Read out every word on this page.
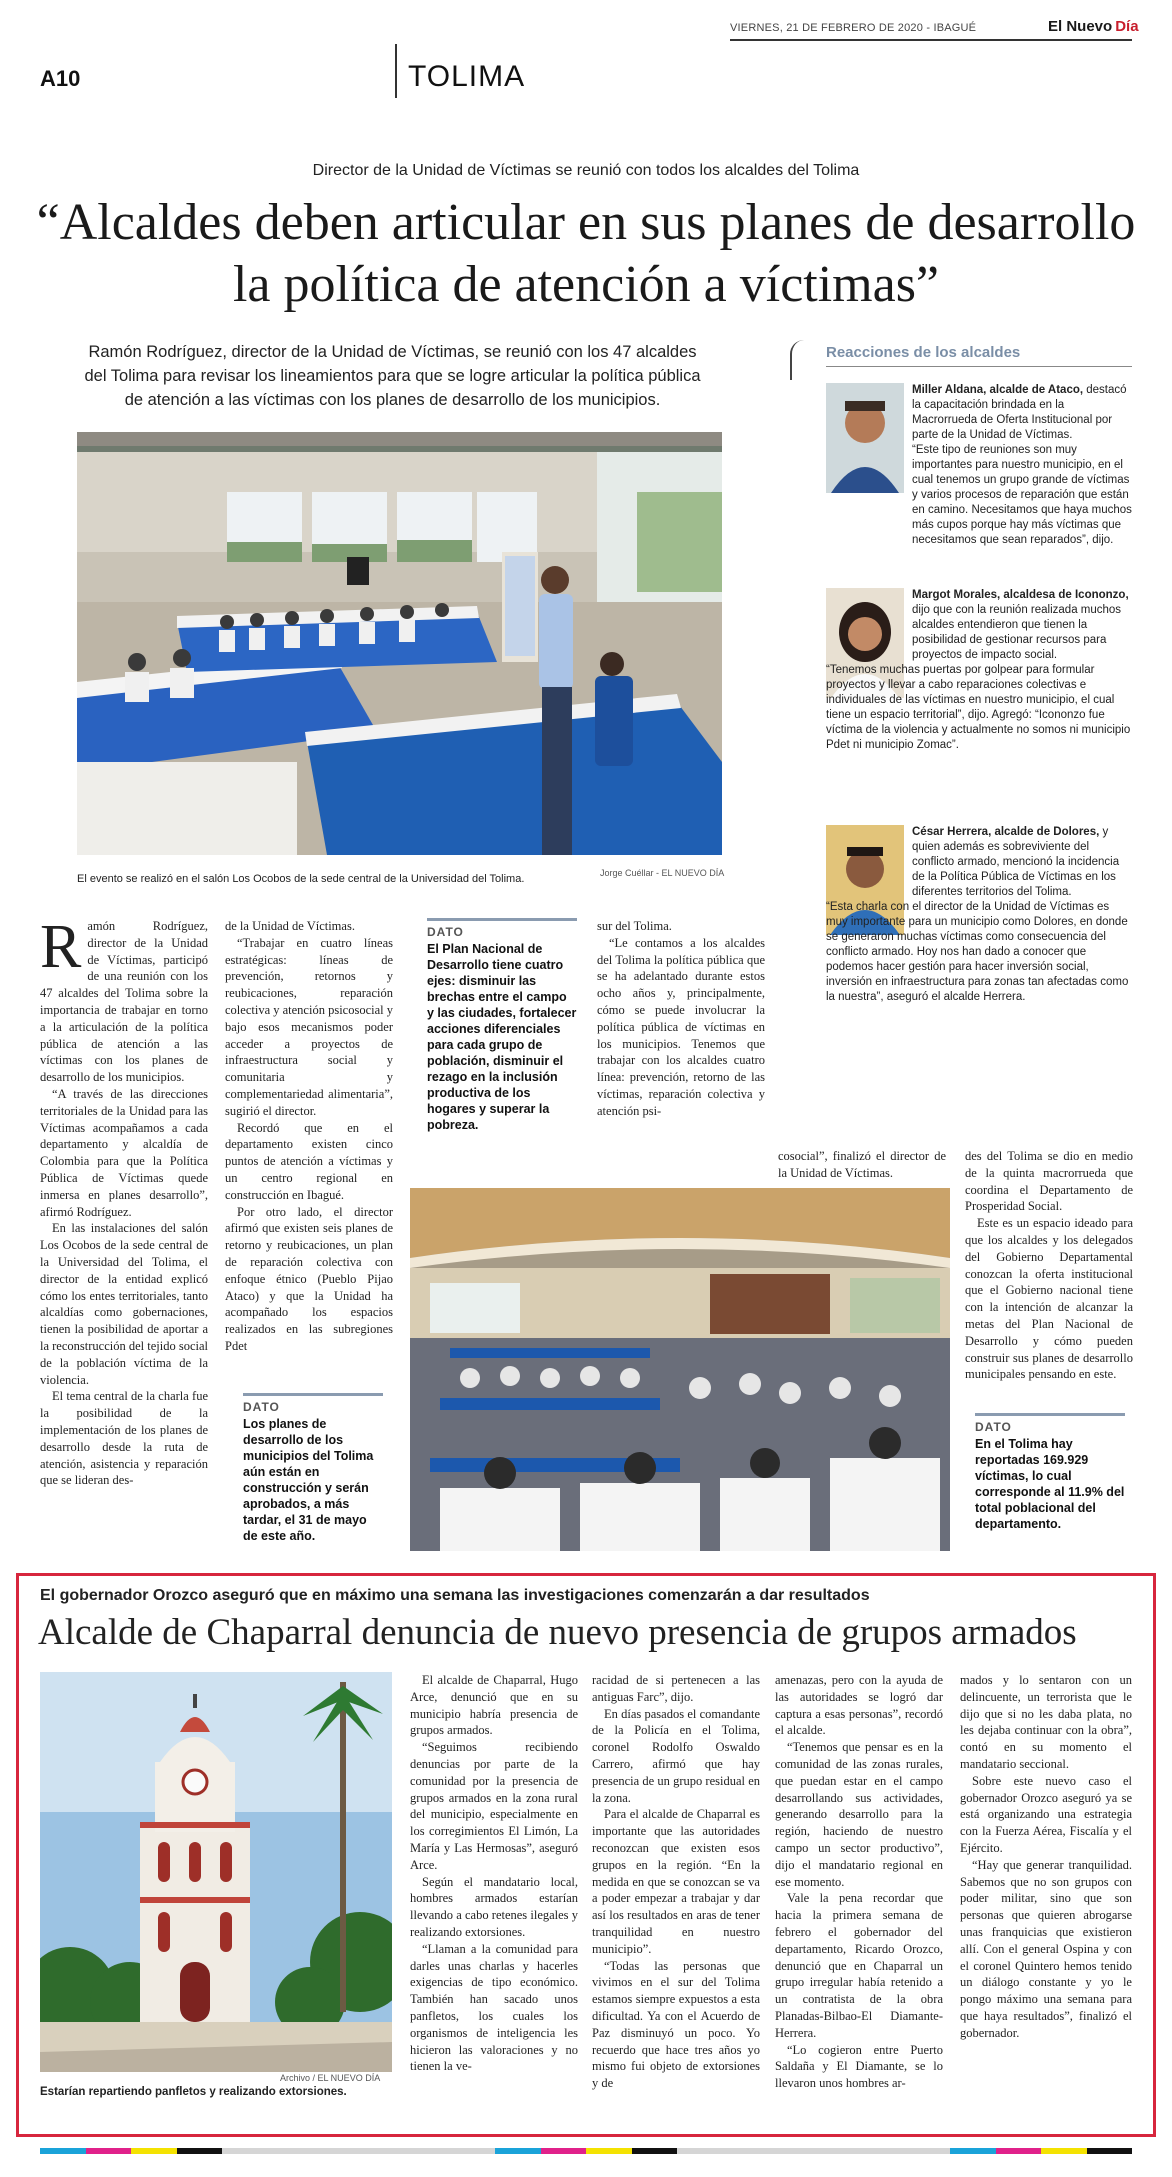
VIERNES, 21 DE FEBRERO DE 2020 - IBAGUÉ	El Nuevo Día
A10	TOLIMA
Director de la Unidad de Víctimas se reunió con todos los alcaldes del Tolima
“Alcaldes deben articular en sus planes de desarrollo la política de atención a víctimas”
Ramón Rodríguez, director de la Unidad de Víctimas, se reunió con los 47 alcaldes del Tolima para revisar los lineamientos para que se logre articular la política pública de atención a las víctimas con los planes de desarrollo de los municipios.
El evento se realizó en el salón Los Ocobos de la sede central de la Universidad del Tolima.	Jorge Cuéllar - EL NUEVO DÍA
R amón Rodríguez, director de la Unidad de Víctimas, participó de una reunión con los 47 alcaldes del Tolima sobre la importancia de trabajar en torno a la articulación de la política pública de atención a las víctimas con los planes de desarrollo de los municipios.

“A través de las direcciones territoriales de la Unidad para las Víctimas acompañamos a cada departamento y alcaldía de Colombia para que la Política Pública de Víctimas quede inmersa en planes desarrollo”, afirmó Rodríguez.

En las instalaciones del salón Los Ocobos de la sede central de la Universidad del Tolima, el director de la entidad explicó cómo los entes territoriales, tanto alcaldías como gobernaciones, tienen la posibilidad de aportar a la reconstrucción del tejido social de la población víctima de la violencia.

El tema central de la charla fue la posibilidad de la implementación de los planes de desarrollo desde la ruta de atención, asistencia y reparación que se lideran des-

de la Unidad de Víctimas.

“Trabajar en cuatro líneas estratégicas: líneas de prevención, retornos y reubicaciones, reparación colectiva y atención psicosocial y bajo esos mecanismos poder acceder a proyectos de infraestructura social y comunitaria y complementariedad alimentaria”, sugirió el director.

Recordó que en el departamento existen cinco puntos de atención a víctimas y un centro regional en construcción en Ibagué.

Por otro lado, el director afirmó que existen seis planes de retorno y reubicaciones, un plan de reparación colectiva con enfoque étnico (Pueblo Pijao Ataco) y que la Unidad ha acompañado los espacios realizados en las subregiones Pdet

DATO
Los planes de desarrollo de los municipios del Tolima aún están en construcción y serán aprobados, a más tardar, el 31 de mayo de este año.
DATO
El Plan Nacional de Desarrollo tiene cuatro ejes: disminuir las brechas entre el campo y las ciudades, fortalecer acciones diferenciales para cada grupo de población, disminuir el rezago en la inclusión productiva de los hogares y superar la pobreza.

sur del Tolima.

“Le contamos a los alcaldes del Tolima la política pública que se ha adelantado durante estos ocho años y, principalmente, cómo se puede involucrar la política pública de víctimas en los municipios. Tenemos que trabajar con los alcaldes cuatro línea: prevención, retorno de las víctimas, reparación colectiva y atención psi-

cosocial”, finalizó el director de la Unidad de Víctimas.

des del Tolima se dio en medio de la quinta macrorrueda que coordina el Departamento de Prosperidad Social.

Este es un espacio ideado para que los alcaldes y los delegados del Gobierno Departamental conozcan la oferta institucional que el Gobierno nacional tiene con la intención de alcanzar la metas del Plan Nacional de Desarrollo y cómo pueden construir sus planes de desarrollo municipales pensando en este.

DATO
En el Tolima hay reportadas 169.929 víctimas, lo cual corresponde al 11.9% del total poblacional del departamento.
Reacciones de los alcaldes

Miller Aldana, alcalde de Ataco, destacó la capacitación brindada en la Macrorrueda de Oferta Institucional por parte de la Unidad de Víctimas.

“Este tipo de reuniones son muy importantes para nuestro municipio, en el cual tenemos un grupo grande de víctimas y varios procesos de reparación que están en camino. Necesitamos que haya muchos más cupos porque hay más víctimas que necesitamos que sean reparados”, dijo.

Margot Morales, alcaldesa de Icononzo, dijo que con la reunión realizada muchos alcaldes entendieron que tienen la posibilidad de gestionar recursos para proyectos de impacto social.

“Tenemos muchas puertas por golpear para formular proyectos y llevar a cabo reparaciones colectivas e individuales de las víctimas en nuestro municipio, el cual tiene un espacio territorial”, dijo. Agregó: “Icononzo fue víctima de la violencia y actualmente no somos ni municipio Pdet ni municipio Zomac”.

César Herrera, alcalde de Dolores, y quien además es sobreviviente del conflicto armado, mencionó la incidencia de la Política Pública de Víctimas en los diferentes territorios del Tolima.

“Esta charla con el director de la Unidad de Víctimas es muy importante para un municipio como Dolores, en donde se generaron muchas víctimas como consecuencia del conflicto armado. Hoy nos han dado a conocer que podemos hacer gestión para hacer inversión social, inversión en infraestructura para zonas tan afectadas como la nuestra”, aseguró el alcalde Herrera.

El gobernador Orozco aseguró que en máximo una semana las investigaciones comenzarán a dar resultados
Alcalde de Chaparral denuncia de nuevo presencia de grupos armados
Archivo / EL NUEVO DÍA
Estarían repartiendo panfletos y realizando extorsiones.

El alcalde de Chaparral, Hugo Arce, denunció que en su municipio habría presencia de grupos armados.

“Seguimos recibiendo denuncias por parte de la comunidad por la presencia de grupos armados en la zona rural del municipio, especialmente en los corregimientos El Limón, La María y Las Hermosas”, aseguró Arce.

Según el mandatario local, hombres armados estarían llevando a cabo retenes ilegales y realizando extorsiones.

“Llaman a la comunidad para darles unas charlas y hacerles exigencias de tipo económico. También han sacado unos panfletos, los cuales los organismos de inteligencia les hicieron las valoraciones y no tienen la ve-

racidad de si pertenecen a las antiguas Farc”, dijo.

En días pasados el comandante de la Policía en el Tolima, coronel Rodolfo Oswaldo Carrero, afirmó que hay presencia de un grupo residual en la zona.

Para el alcalde de Chaparral es importante que las autoridades reconozcan que existen esos grupos en la región. “En la medida en que se conozcan se va a poder empezar a trabajar y dar así los resultados en aras de tener tranquilidad en nuestro municipio”.

“Todas las personas que vivimos en el sur del Tolima estamos siempre expuestos a esta dificultad. Ya con el Acuerdo de Paz disminuyó un poco. Yo recuerdo que hace tres años yo mismo fui objeto de extorsiones y de

amenazas, pero con la ayuda de las autoridades se logró dar captura a esas personas”, recordó el alcalde.

“Tenemos que pensar es en la comunidad de las zonas rurales, que puedan estar en el campo desarrollando sus actividades, generando desarrollo para la región, haciendo de nuestro campo un sector productivo”, dijo el mandatario regional en ese momento.

Vale la pena recordar que hacia la primera semana de febrero el gobernador del departamento, Ricardo Orozco, denunció que en Chaparral un grupo irregular había retenido a un contratista de la obra Planadas-Bilbao-El Diamante-Herrera.

“Lo cogieron entre Puerto Saldaña y El Diamante, se lo llevaron unos hombres ar-

mados y lo sentaron con un delincuente, un terrorista que le dijo que si no les daba plata, no les dejaba continuar con la obra”, contó en su momento el mandatario seccional.

Sobre este nuevo caso el gobernador Orozco aseguró ya se está organizando una estrategia con la Fuerza Aérea, Fiscalía y el Ejército.

“Hay que generar tranquilidad. Sabemos que no son grupos con poder militar, sino que son personas que quieren abrogarse unas franquicias que existieron allí. Con el general Ospina y con el coronel Quintero hemos tenido un diálogo constante y yo le pongo máximo una semana para que haya resultados”, finalizó el gobernador.
